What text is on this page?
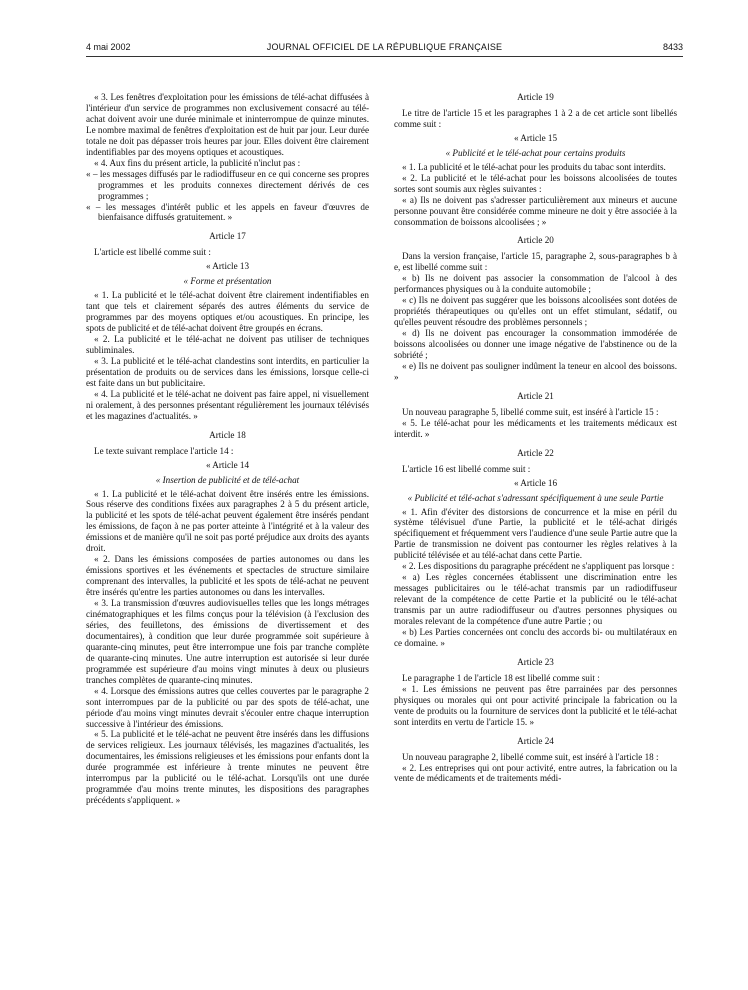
4 mai 2002	JOURNAL OFFICIEL DE LA RÉPUBLIQUE FRANÇAISE	8433

« 3. Les fenêtres d'exploitation pour les émissions de télé-achat diffusées à l'intérieur d'un service de programmes non exclusivement consacré au télé-achat doivent avoir une durée minimale et ininterrompue de quinze minutes. Le nombre maximal de fenêtres d'exploitation est de huit par jour. Leur durée totale ne doit pas dépasser trois heures par jour. Elles doivent être clairement indentifiables par des moyens optiques et acoustiques.

« 4. Aux fins du présent article, la publicité n'inclut pas :

« – les messages diffusés par le radiodiffuseur en ce qui concerne ses propres programmes et les produits connexes directement dérivés de ces programmes ;

« – les messages d'intérêt public et les appels en faveur d'œuvres de bienfaisance diffusés gratuitement. »

Article 17

L'article est libellé comme suit :

« Article 13

« Forme et présentation

« 1. La publicité et le télé-achat doivent être clairement indentifiables en tant que tels et clairement séparés des autres éléments du service de programmes par des moyens optiques et/ou acoustiques. En principe, les spots de publicité et de télé-achat doivent être groupés en écrans.

« 2. La publicité et le télé-achat ne doivent pas utiliser de techniques subliminales.

« 3. La publicité et le télé-achat clandestins sont interdits, en particulier la présentation de produits ou de services dans les émissions, lorsque celle-ci est faite dans un but publicitaire.

« 4. La publicité et le télé-achat ne doivent pas faire appel, ni visuellement ni oralement, à des personnes présentant régulièrement les journaux télévisés et les magazines d'actualités. »

Article 18

Le texte suivant remplace l'article 14 :

« Article 14

« Insertion de publicité et de télé-achat

« 1. La publicité et le télé-achat doivent être insérés entre les émissions. Sous réserve des conditions fixées aux paragraphes 2 à 5 du présent article, la publicité et les spots de télé-achat peuvent également être insérés pendant les émissions, de façon à ne pas porter atteinte à l'intégrité et à la valeur des émissions et de manière qu'il ne soit pas porté préjudice aux droits des ayants droit.

« 2. Dans les émissions composées de parties autonomes ou dans les émissions sportives et les événements et spectacles de structure similaire comprenant des intervalles, la publicité et les spots de télé-achat ne peuvent être insérés qu'entre les parties autonomes ou dans les intervalles.

« 3. La transmission d'œuvres audiovisuelles telles que les longs métrages cinématographiques et les films conçus pour la télévision (à l'exclusion des séries, des feuilletons, des émissions de divertissement et des documentaires), à condition que leur durée programmée soit supérieure à quarante-cinq minutes, peut être interrompue une fois par tranche complète de quarante-cinq minutes. Une autre interruption est autorisée si leur durée programmée est supérieure d'au moins vingt minutes à deux ou plusieurs tranches complètes de quarante-cinq minutes.

« 4. Lorsque des émissions autres que celles couvertes par le paragraphe 2 sont interrompues par de la publicité ou par des spots de télé-achat, une période d'au moins vingt minutes devrait s'écouler entre chaque interruption successive à l'intérieur des émissions.

« 5. La publicité et le télé-achat ne peuvent être insérés dans les diffusions de services religieux. Les journaux télévisés, les magazines d'actualités, les documentaires, les émissions religieuses et les émissions pour enfants dont la durée programmée est inférieure à trente minutes ne peuvent être interrompus par la publicité ou le télé-achat. Lorsqu'ils ont une durée programmée d'au moins trente minutes, les dispositions des paragraphes précédents s'appliquent. »

Article 19

Le titre de l'article 15 et les paragraphes 1 à 2 a de cet article sont libellés comme suit :

« Article 15

« Publicité et le télé-achat pour certains produits

« 1. La publicité et le télé-achat pour les produits du tabac sont interdits.

« 2. La publicité et le télé-achat pour les boissons alcoolisées de toutes sortes sont soumis aux règles suivantes :

« a) Ils ne doivent pas s'adresser particulièrement aux mineurs et aucune personne pouvant être considérée comme mineure ne doit y être associée à la consommation de boissons alcoolisées ; »

Article 20

Dans la version française, l'article 15, paragraphe 2, sous-paragraphes b à e, est libellé comme suit :

« b) Ils ne doivent pas associer la consommation de l'alcool à des performances physiques ou à la conduite automobile ;

« c) Ils ne doivent pas suggérer que les boissons alcoolisées sont dotées de propriétés thérapeutiques ou qu'elles ont un effet stimulant, sédatif, ou qu'elles peuvent résoudre des problèmes personnels ;

« d) Ils ne doivent pas encourager la consommation immodérée de boissons alcoolisées ou donner une image négative de l'abstinence ou de la sobriété ;

« e) Ils ne doivent pas souligner indûment la teneur en alcool des boissons. »

Article 21

Un nouveau paragraphe 5, libellé comme suit, est inséré à l'article 15 :

« 5. Le télé-achat pour les médicaments et les traitements médicaux est interdit. »

Article 22

L'article 16 est libellé comme suit :

« Article 16

« Publicité et télé-achat s'adressant spécifiquement à une seule Partie

« 1. Afin d'éviter des distorsions de concurrence et la mise en péril du système télévisuel d'une Partie, la publicité et le télé-achat dirigés spécifiquement et fréquemment vers l'audience d'une seule Partie autre que la Partie de transmission ne doivent pas contourner les règles relatives à la publicité télévisée et au télé-achat dans cette Partie.

« 2. Les dispositions du paragraphe précédent ne s'appliquent pas lorsque :

« a) Les règles concernées établissent une discrimination entre les messages publicitaires ou le télé-achat transmis par un radiodiffuseur relevant de la compétence de cette Partie et la publicité ou le télé-achat transmis par un autre radiodiffuseur ou d'autres personnes physiques ou morales relevant de la compétence d'une autre Partie ; ou

« b) Les Parties concernées ont conclu des accords bi- ou multilatéraux en ce domaine. »

Article 23

Le paragraphe 1 de l'article 18 est libellé comme suit :

« 1. Les émissions ne peuvent pas être parrainées par des personnes physiques ou morales qui ont pour activité principale la fabrication ou la vente de produits ou la fourniture de services dont la publicité et le télé-achat sont interdits en vertu de l'article 15. »

Article 24

Un nouveau paragraphe 2, libellé comme suit, est inséré à l'article 18 :

« 2. Les entreprises qui ont pour activité, entre autres, la fabrication ou la vente de médicaments et de traitements médi-
